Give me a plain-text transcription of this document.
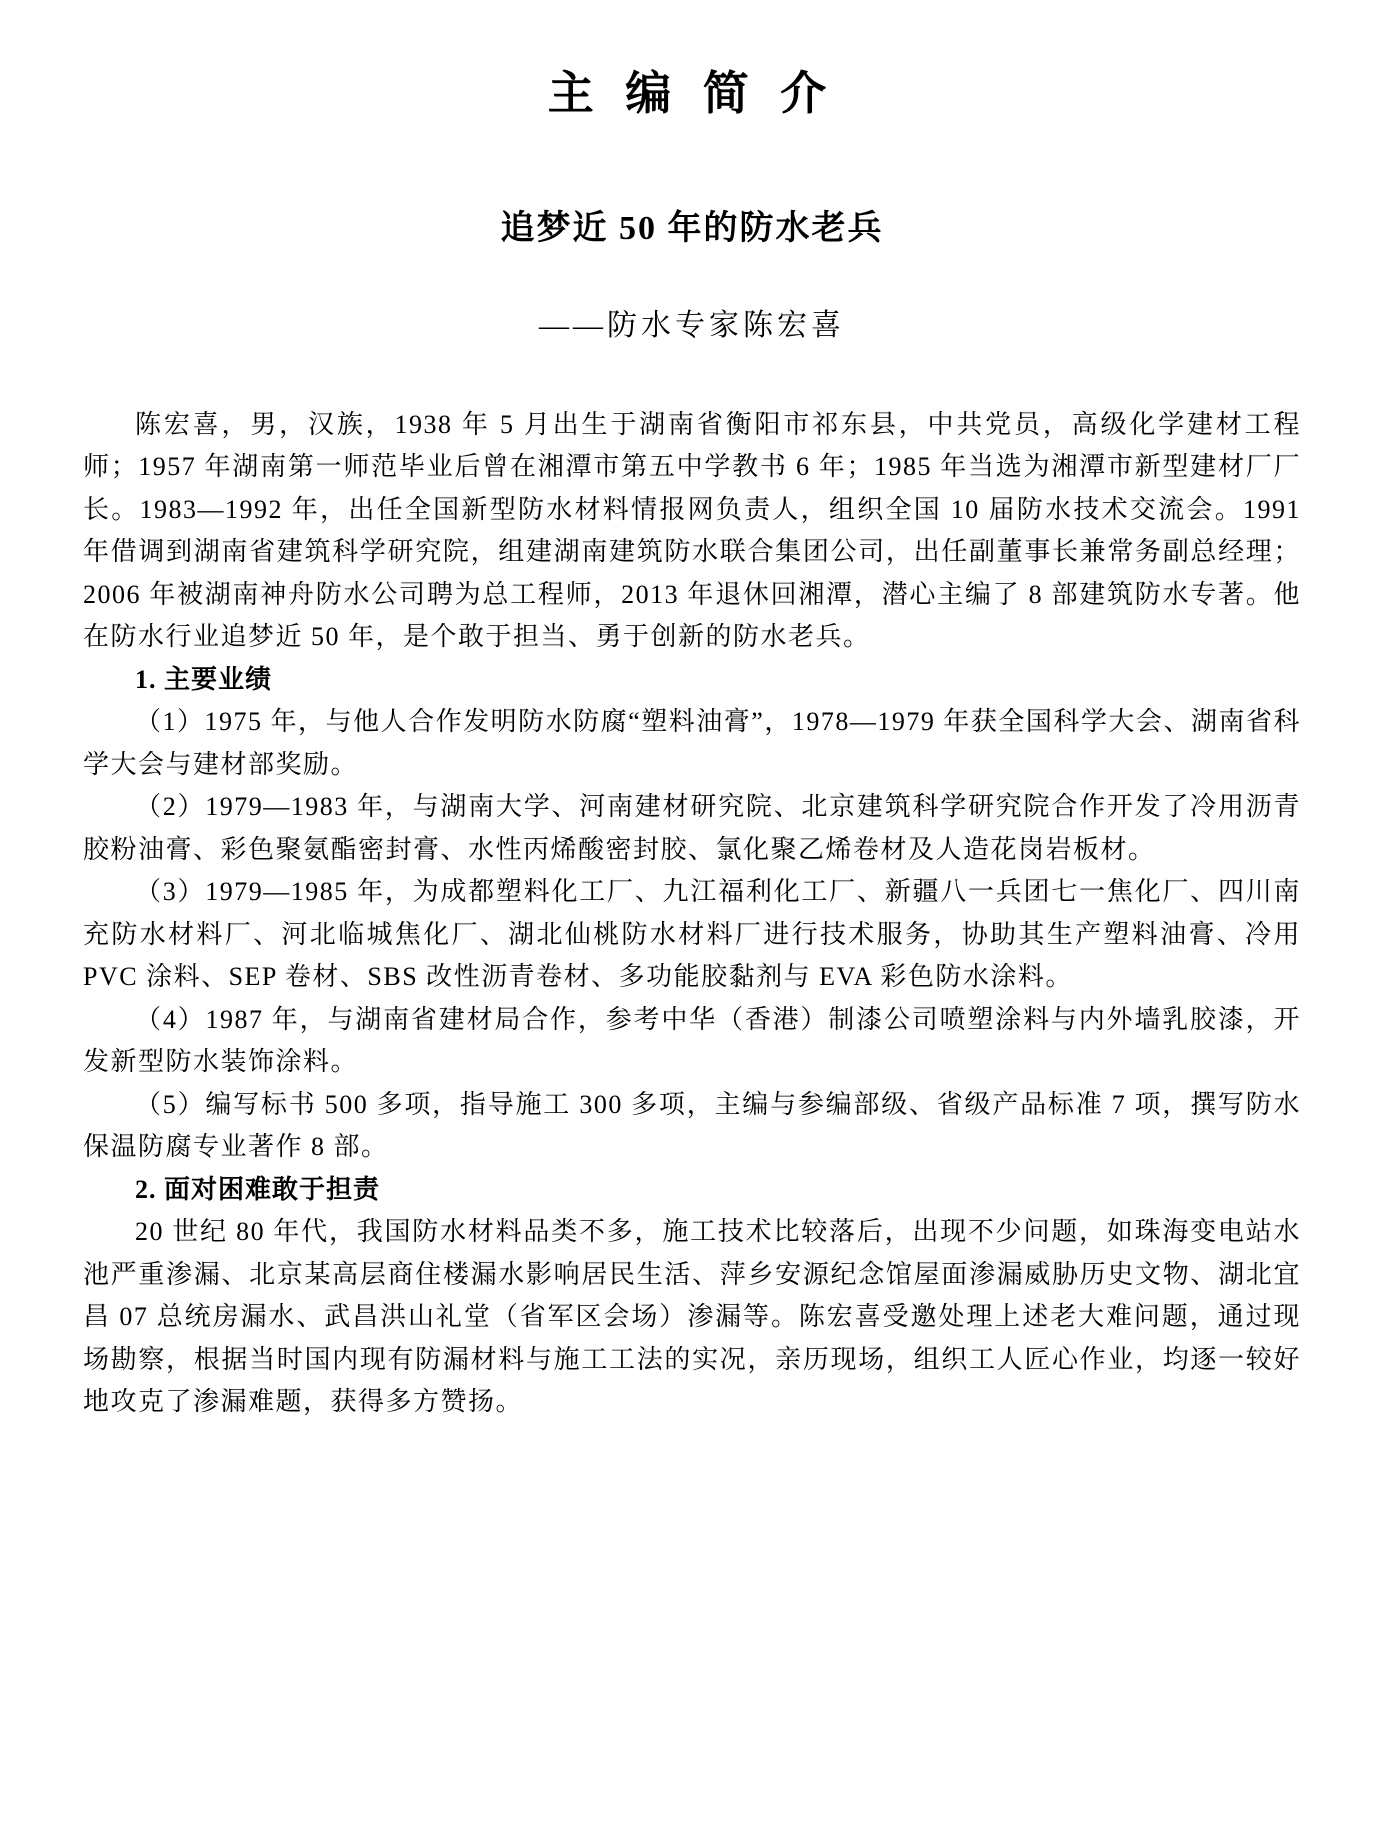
主 编 简 介
追梦近 50 年的防水老兵
——防水专家陈宏喜

陈宏喜，男，汉族，1938 年 5 月出生于湖南省衡阳市祁东县，中共党员，高级化学建材工程师；1957 年湖南第一师范毕业后曾在湘潭市第五中学教书 6 年；1985 年当选为湘潭市新型建材厂厂长。1983—1992 年，出任全国新型防水材料情报网负责人，组织全国 10 届防水技术交流会。1991 年借调到湖南省建筑科学研究院，组建湖南建筑防水联合集团公司，出任副董事长兼常务副总经理；2006 年被湖南神舟防水公司聘为总工程师，2013 年退休回湘潭，潜心主编了 8 部建筑防水专著。他在防水行业追梦近 50 年，是个敢于担当、勇于创新的防水老兵。

1. 主要业绩

（1）1975 年，与他人合作发明防水防腐“塑料油膏”，1978—1979 年获全国科学大会、湖南省科学大会与建材部奖励。

（2）1979—1983 年，与湖南大学、河南建材研究院、北京建筑科学研究院合作开发了冷用沥青胶粉油膏、彩色聚氨酯密封膏、水性丙烯酸密封胶、氯化聚乙烯卷材及人造花岗岩板材。

（3）1979—1985 年，为成都塑料化工厂、九江福利化工厂、新疆八一兵团七一焦化厂、四川南充防水材料厂、河北临城焦化厂、湖北仙桃防水材料厂进行技术服务，协助其生产塑料油膏、冷用 PVC 涂料、SEP 卷材、SBS 改性沥青卷材、多功能胶黏剂与 EVA 彩色防水涂料。

（4）1987 年，与湖南省建材局合作，参考中华（香港）制漆公司喷塑涂料与内外墙乳胶漆，开发新型防水装饰涂料。

（5）编写标书 500 多项，指导施工 300 多项，主编与参编部级、省级产品标准 7 项，撰写防水保温防腐专业著作 8 部。

2. 面对困难敢于担责

20 世纪 80 年代，我国防水材料品类不多，施工技术比较落后，出现不少问题，如珠海变电站水池严重渗漏、北京某高层商住楼漏水影响居民生活、萍乡安源纪念馆屋面渗漏威胁历史文物、湖北宜昌 07 总统房漏水、武昌洪山礼堂（省军区会场）渗漏等。陈宏喜受邀处理上述老大难问题，通过现场勘察，根据当时国内现有防漏材料与施工工法的实况，亲历现场，组织工人匠心作业，均逐一较好地攻克了渗漏难题，获得多方赞扬。
